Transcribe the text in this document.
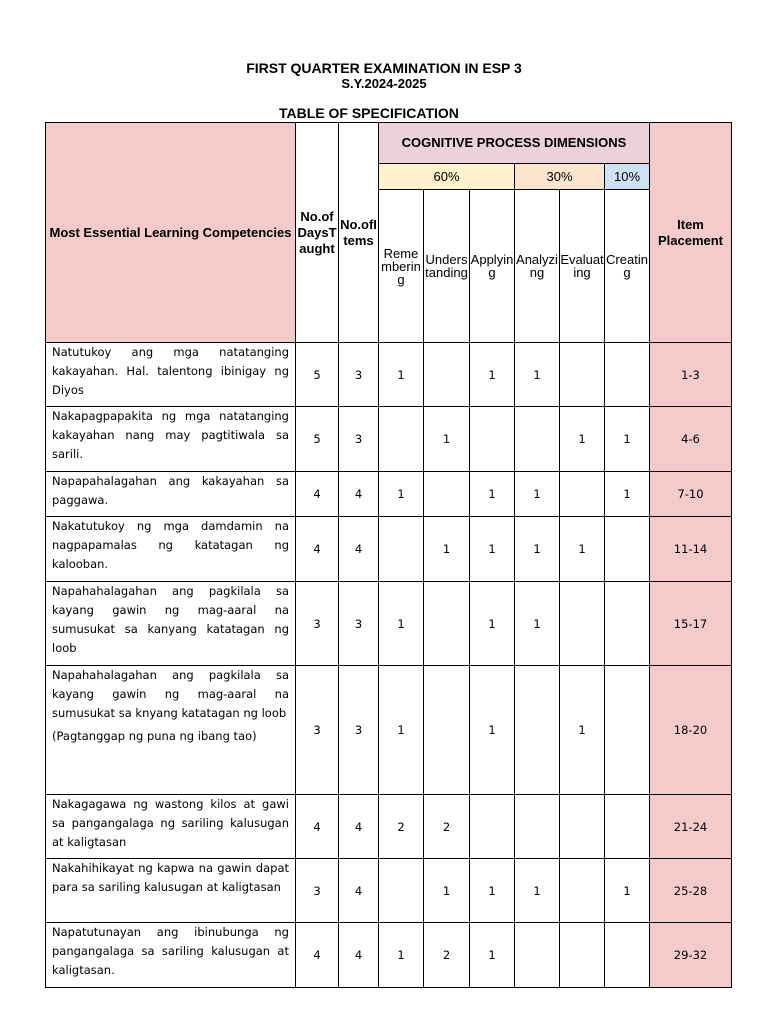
FIRST QUARTER EXAMINATION IN ESP 3
S.Y.2024-2025
TABLE OF SPECIFICATION
Most Essential Learning Competencies	No.ofDaysTaught	No.ofItems	COGNITIVE PROCESS DIMENSIONS						Item Placement
			60%			30%		10%	
			Remembering	Understanding	Applying	Analyzing	Evaluating	Creating	

Natutukoy ang mga natatanging kakayahan. Hal. talentong ibinigay ng Diyos	5	3	1		1	1			1-3

Nakapagpapakita ng mga natatanging kakayahan nang may pagtitiwala sa sarili.	5	3		1			1	1	4-6

Napapahalagahan ang kakayahan sa paggawa.	4	4	1		1	1		1	7-10

Nakatutukoy ng mga damdamin na nagpapamalas ng katatagan ng kalooban.	4	4		1	1	1	1		11-14

Napahahalagahan ang pagkilala sa kayang gawin ng mag-aaral na sumusukat sa kanyang katatagan ng loob	3	3	1		1	1			15-17

Napahahalagahan ang pagkilala sa kayang gawin ng mag-aaral na sumusukat sa knyang katatagan ng loob

(Pagtanggap ng puna ng ibang tao)	3	3	1		1		1		18-20

Nakagagawa ng wastong kilos at gawi sa pangangalaga ng sariling kalusugan at kaligtasan	4	4	2	2					21-24

Nakahihikayat ng kapwa na gawin dapat para sa sariling kalusugan at kaligtasan	3	4		1	1	1		1	25-28

Napatutunayan ang ibinubunga ng pangangalaga sa sariling kalusugan at kaligtasan.	4	4	1	2	1				29-32
